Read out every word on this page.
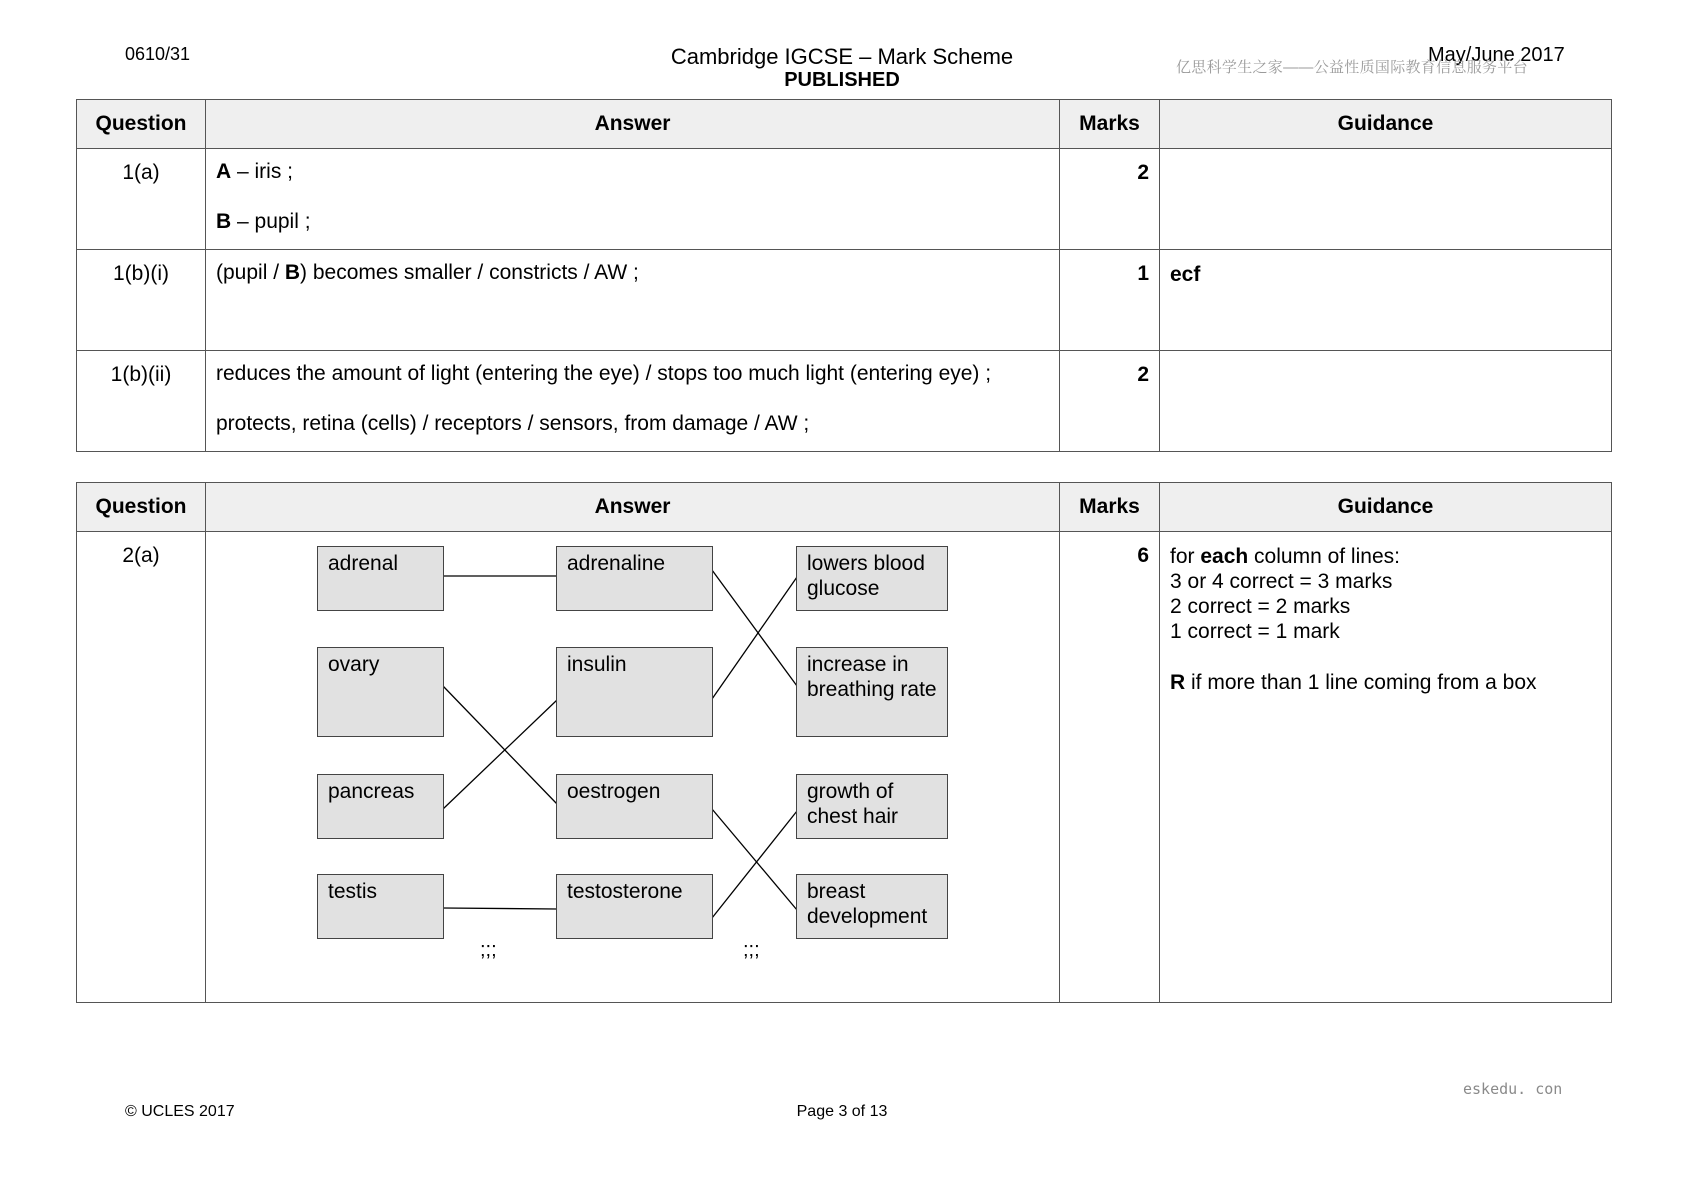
0610/31	Cambridge IGCSE – Mark Scheme
PUBLISHED
May/June 2017
亿思科学生之家——公益性质国际教育信息服务平台
Question	Answer	Marks	Guidance
1(a)	A – iris ;
B – pupil ;	2	
1(b)(i)	(pupil / B) becomes smaller / constricts / AW ;	1	ecf
1(b)(ii)	reduces the amount of light (entering the eye) / stops too much light (entering eye) ;
protects, retina (cells) / receptors / sensors, from damage / AW ;	2	
Question	Answer	Marks	Guidance
2(a)		6	for each column of lines:
3 or 4 correct = 3 marks
2 correct = 2 marks
1 correct = 1 mark
R if more than 1 line coming from a box
adrenal
ovary
pancreas
testis
adrenaline
insulin
oestrogen
testosterone
lowers blood glucose
increase in breathing rate
growth of chest hair
breast development
;;;	;;;
eskedu. con
© UCLES 2017	Page 3 of 13
